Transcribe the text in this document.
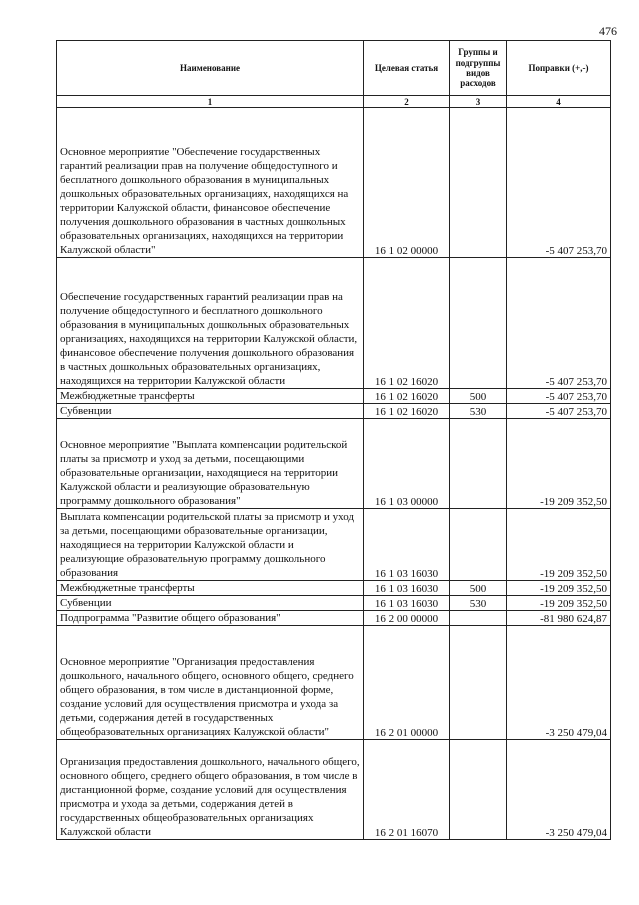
476
Наименование	Целевая статья	Группы и подгруппы видов расходов	Поправки (+,-)
1	2	3	4
Основное мероприятие "Обеспечение государственных гарантий реализации прав на получение общедоступного и бесплатного дошкольного образования в муниципальных дошкольных образовательных организациях, находящихся на территории Калужской области, финансовое обеспечение получения дошкольного образования в частных дошкольных образовательных организациях, находящихся на территории Калужской области"	16 1 02 00000		-5 407 253,70
Обеспечение государственных гарантий реализации прав на получение общедоступного и бесплатного дошкольного образования в муниципальных дошкольных образовательных организациях, находящихся на территории Калужской области, финансовое обеспечение получения дошкольного образования в частных дошкольных образовательных организациях, находящихся на территории Калужской области	16 1 02 16020		-5 407 253,70
Межбюджетные трансферты	16 1 02 16020	500	-5 407 253,70
Субвенции	16 1 02 16020	530	-5 407 253,70
Основное мероприятие "Выплата компенсации родительской платы за присмотр и уход за детьми, посещающими образовательные организации, находящиеся на территории Калужской области и реализующие образовательную программу дошкольного образования"	16 1 03 00000		-19 209 352,50
Выплата компенсации родительской платы за присмотр и уход за детьми, посещающими образовательные организации, находящиеся на территории Калужской области и реализующие образовательную программу дошкольного образования	16 1 03 16030		-19 209 352,50
Межбюджетные трансферты	16 1 03 16030	500	-19 209 352,50
Субвенции	16 1 03 16030	530	-19 209 352,50
Подпрограмма "Развитие общего образования"	16 2 00 00000		-81 980 624,87
Основное мероприятие "Организация предоставления дошкольного, начального общего, основного общего, среднего общего образования, в том числе в дистанционной форме, создание условий для осуществления присмотра и ухода за детьми, содержания детей в государственных общеобразовательных организациях Калужской области"	16 2 01 00000		-3 250 479,04
Организация предоставления дошкольного, начального общего, основного общего, среднего общего образования, в том числе в дистанционной форме, создание условий для осуществления присмотра и ухода за детьми, содержания детей в государственных общеобразовательных организациях Калужской области	16 2 01 16070		-3 250 479,04
